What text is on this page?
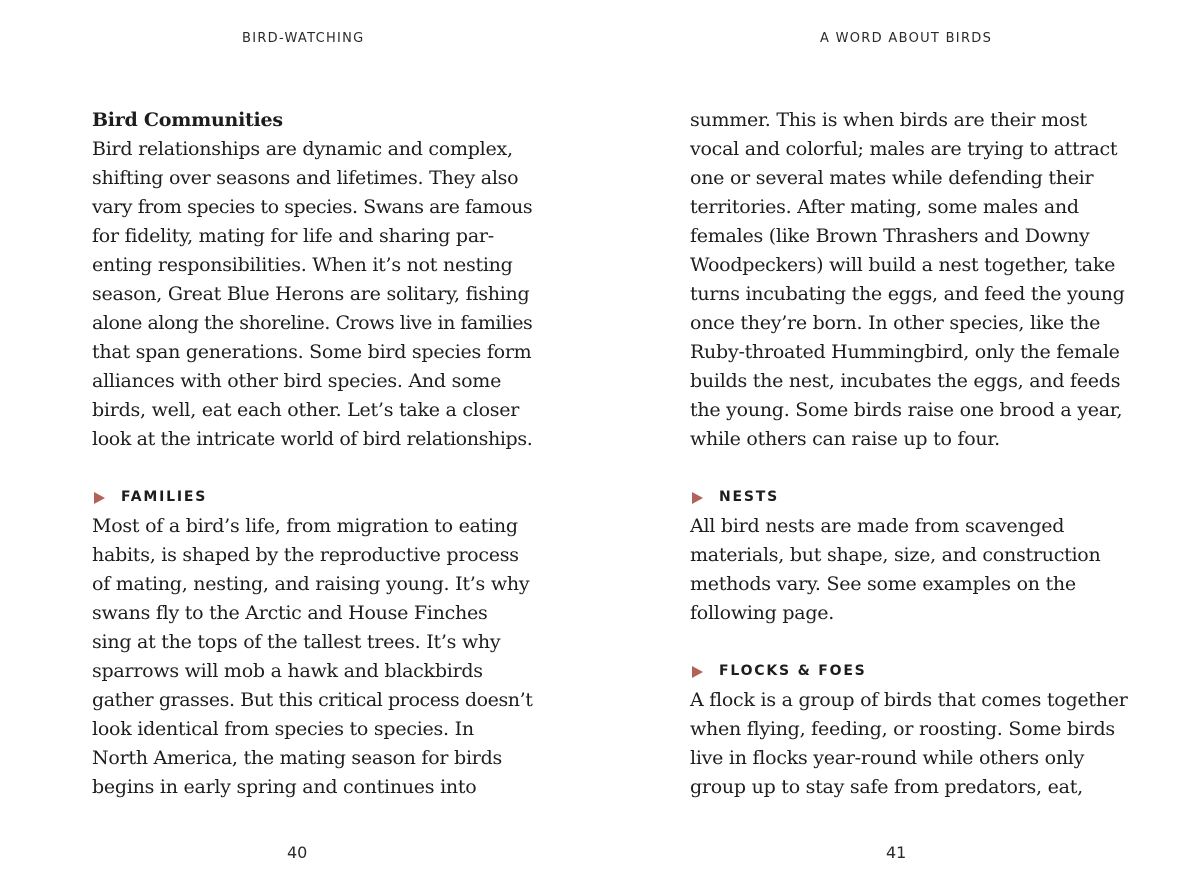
BIRD-WATCHING
Bird Communities
Bird relationships are dynamic and complex,
shifting over seasons and lifetimes. They also
vary from species to species. Swans are famous
for fidelity, mating for life and sharing par-
enting responsibilities. When it’s not nesting
season, Great Blue Herons are solitary, fishing
alone along the shoreline. Crows live in families
that span generations. Some bird species form
alliances with other bird species. And some
birds, well, eat each other. Let’s take a closer
look at the intricate world of bird relationships.
FAMILIES
Most of a bird’s life, from migration to eating
habits, is shaped by the reproductive process
of mating, nesting, and raising young. It’s why
swans fly to the Arctic and House Finches
sing at the tops of the tallest trees. It’s why
sparrows will mob a hawk and blackbirds
gather grasses. But this critical process doesn’t
look identical from species to species. In
North America, the mating season for birds
begins in early spring and continues into
40
A WORD ABOUT BIRDS
summer. This is when birds are their most
vocal and colorful; males are trying to attract
one or several mates while defending their
territories. After mating, some males and
females (like Brown Thrashers and Downy
Woodpeckers) will build a nest together, take
turns incubating the eggs, and feed the young
once they’re born. In other species, like the
Ruby-throated Hummingbird, only the female
builds the nest, incubates the eggs, and feeds
the young. Some birds raise one brood a year,
while others can raise up to four.
NESTS
All bird nests are made from scavenged
materials, but shape, size, and construction
methods vary. See some examples on the
following page.
FLOCKS & FOES
A flock is a group of birds that comes together
when flying, feeding, or roosting. Some birds
live in flocks year-round while others only
group up to stay safe from predators, eat,
41
